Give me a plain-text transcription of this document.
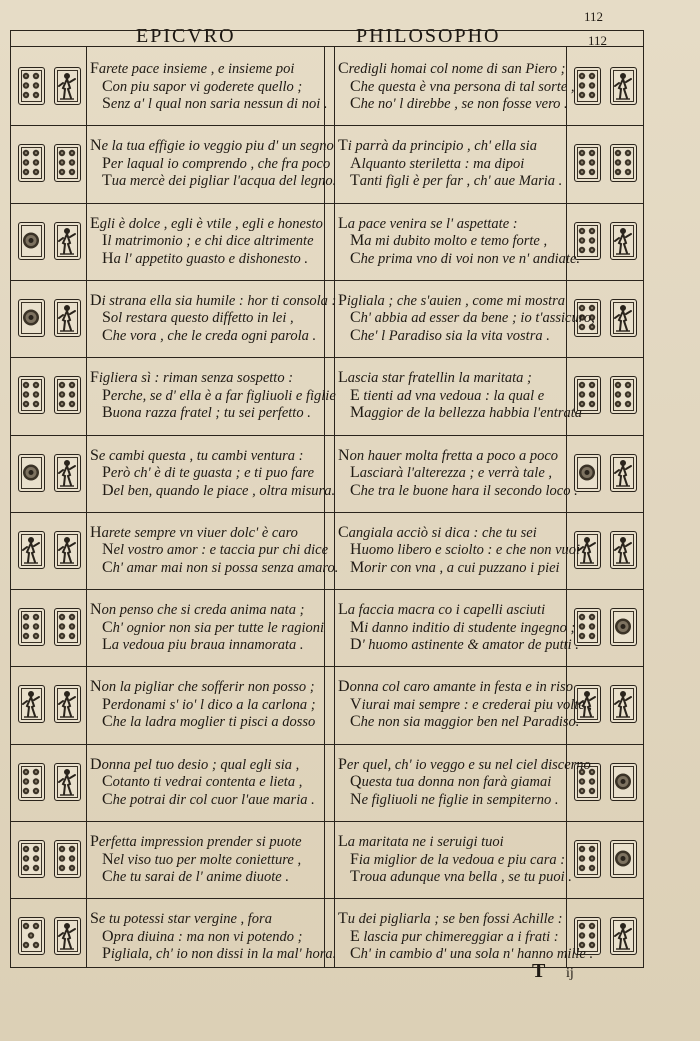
112
112
EPICVRO	PHILOSOPHO
T ij
Farete pace insieme , e insieme poi
Con piu sapor vi goderete quello ;
Senz a' l qual non saria nessun di noi .
Credigli homai col nome di san Piero ;
Che questa è vna persona di tal sorte ,
Che no' l direbbe , se non fosse vero .
Ne la tua effigie io veggio piu d' un segno
Per laqual io comprendo , che fra poco
Tua mercè dei pigliar l'acqua del legno.
Ti parrà da principio , ch' ella sia
Alquanto sterilettа : ma dipoi
Tanti figli è per far , ch' aue Maria .
Egli è dolce , egli è vtile , egli e honesto
Il matrimonio ; e chi dice altrimente
Ha l' appetito guasto e dishonesto .
La pace venira se l' aspettate :
Ma mi dubito molto e temo forte ,
Che prima vno di voi non ve n' andiate.
Di strana ella sia humile : hor ti consola :
Sol restara questo diffetto in lei ,
Che vora , che le creda ogni parola .
Pigliala ; che s'auien , come mi mostra
Ch' abbia ad esser da bene ; io t'assicuro,
Che' l Paradiso sia la vita vostra .
Figliera sì : riman senza sospetto :
Perche, se d' ella è a far figliuoli e figlie
Buona razza fratel ; tu sei perfetto .
Lascia star fratellin la maritata ;
E tienti ad vna vedoua : la qual e
Maggior de la bellezza habbia l'entrata
Se cambi questa , tu cambi ventura :
Però ch' è di te guasta ; e ti puo fare
Del ben, quando le piace , oltra misura.
Non hauer molta fretta a poco a poco
Lasciarà l'alterezza ; e verrà tale ,
Che tra le buone hara il secondo loco .
Harete sempre vn viuer dolc' è caro
Nel vostro amor : e taccia pur chi dice
Ch' amar mai non si possa senza amaro.
Cangiala acciò si dica : che tu sei
Huomo libero e sciolto : e che non vuoi
Morir con vna , a cui puzzano i piei
Non penso che si creda anima nata ;
Ch' ognior non sia per tutte le ragioni
La vedoua piu braua innamorata .
La faccia macra co i capelli asciuti
Mi danno inditio di studente ingegno ;
D' huomo astinente & amator de putti .
Non la pigliar che sofferir non posso ;
Perdonami s' io' l dico a la carlona ;
Che la ladra moglier ti pisci a dosso
Donna col caro amante in festa e in riso
Viurai mai sempre : e crederai piu volte ,
Che non sia maggior ben nel Paradiso.
Donna pel tuo desio ; qual egli sia ,
Cotanto ti vedrai contenta e lieta ,
Che potrai dir col cuor l'aue maria .
Per quel, ch' io veggo e su nel ciel discerno
Questa tua donna non farà giamai
Ne figliuoli ne figlie in sempiterno .
Perfetta impression prender si puote
Nel viso tuo per molte conietture ,
Che tu sarai de l' anime diuote .
La maritata ne i seruigi tuoi
Fia miglior de la vedoua e piu cara :
Troua adunque vna bella , se tu puoi .
Se tu potessi star vergine , fora
Opra diuina : ma non vi potendo ;
Pigliala, ch' io non dissi in la mal' hora.
Tu dei pigliarla ; se ben fossi Achille :
E lascia pur chimereggiar a i frati :
Ch' in cambio d' una sola n' hanno mille .
